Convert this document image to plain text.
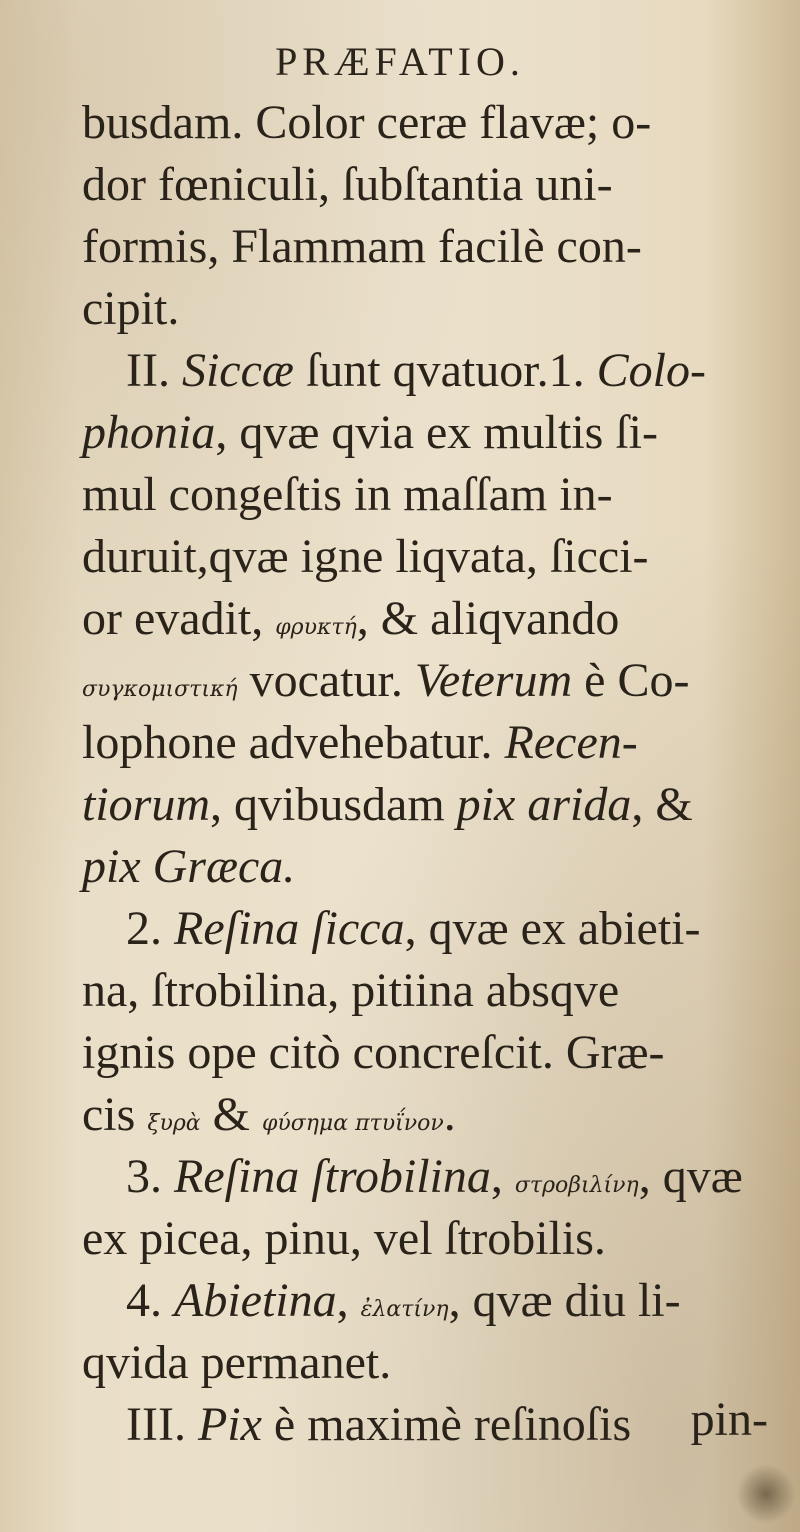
PRÆFATIO.
busdam. Color ceræ flavæ; o-
dor fœniculi, ſubſtantia uni-
formis, Flammam facilè con-
cipit.
II. Siccæ ſunt qvatuor.1. Colo-
phonia, qvæ qvia ex multis ſi-
mul congeſtis in maſſam in-
duruit,qvæ igne liqvata, ſicci-
or evadit, φρυκτή, & aliqvando
συγκομιστική vocatur. Veterum è Co-
lophone advehebatur. Recen-
tiorum, qvibusdam pix arida, &
pix Græca.
2. Reſina ſicca, qvæ ex abieti-
na, ſtrobilina, pitiina absqve
ignis ope citò concreſcit. Græ-
cis ξυρὰ & φύσημα πτυΐνον.
3. Reſina ſtrobilina, στροβιλίνη, qvæ
ex picea, pinu, vel ſtrobilis.
4. Abietina, ἐλατίνη, qvæ diu li-
qvida permanet.
III. Pix è maximè reſinoſis	pin-
